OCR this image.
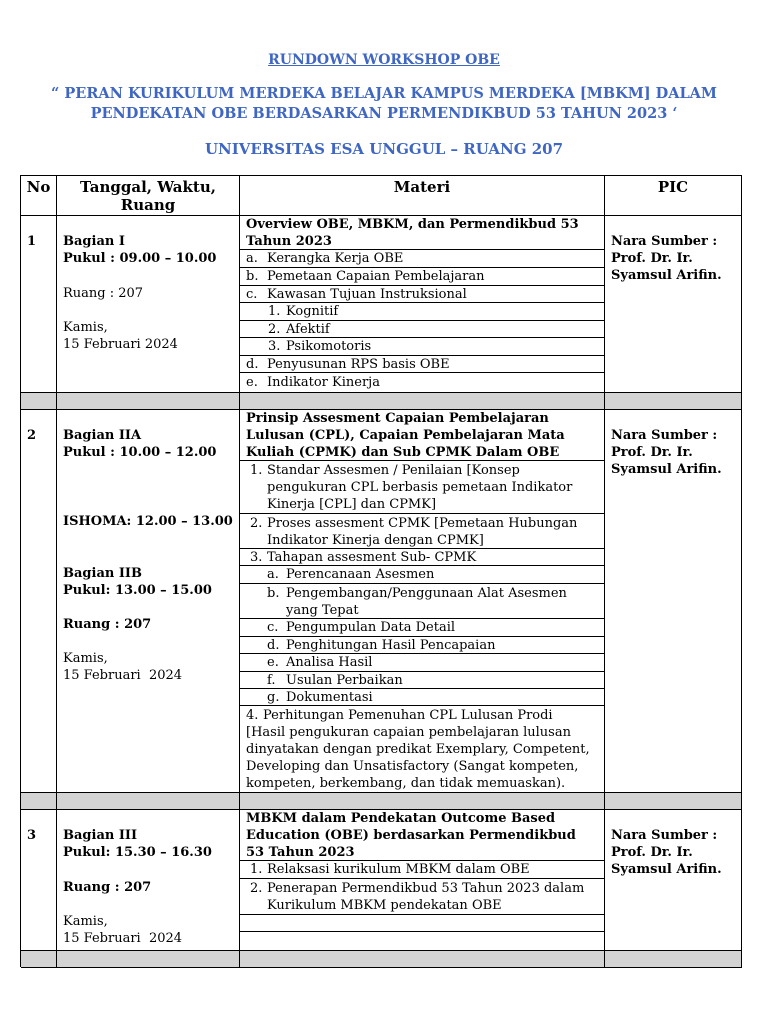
RUNDOWN WORKSHOP OBE
“ PERAN KURIKULUM MERDEKA BELAJAR KAMPUS MERDEKA [MBKM] DALAM PENDEKATAN OBE BERDASARKAN PERMENDIKBUD 53 TAHUN 2023 ‘
UNIVERSITAS ESA UNGGUL – RUANG 207
No	Tanggal, Waktu, Ruang
Materi	PIC
1 Bagian I
Pukul : 09.00 – 10.00
Ruang : 207
Kamis,
15 Februari 2024
Overview OBE, MBKM, dan Permendikbud 53 Tahun 2023
a. Kerangka Kerja OBE
b. Pemetaan Capaian Pembelajaran
c. Kawasan Tujuan Instruksional
1. Kognitif
2. Afektif
3. Psikomotoris
d. Penyusunan RPS basis OBE
e. Indikator Kinerja
Nara Sumber :
Prof. Dr. Ir.
Syamsul Arifin.
2 Bagian IIA
Pukul : 10.00 – 12.00
ISHOMA: 12.00 – 13.00
Bagian IIB
Pukul: 13.00 – 15.00
Ruang : 207
Kamis,
15 Februari  2024
Prinsip Assesment Capaian Pembelajaran Lulusan (CPL), Capaian Pembelajaran Mata Kuliah (CPMK) dan Sub CPMK Dalam OBE
1. Standar Assesmen / Penilaian [Konsep pengukuran CPL berbasis pemetaan Indikator Kinerja [CPL] dan CPMK]
2. Proses assesment CPMK [Pemetaan Hubungan Indikator Kinerja dengan CPMK]
3. Tahapan assesment Sub- CPMK
a. Perencanaan Asesmen
b. Pengembangan/Penggunaan Alat Asesmen yang Tepat
c. Pengumpulan Data Detail
d. Penghitungan Hasil Pencapaian
e. Analisa Hasil
f. Usulan Perbaikan
g. Dokumentasi
4. Perhitungan Pemenuhan CPL Lulusan Prodi
[Hasil pengukuran capaian pembelajaran lulusan dinyatakan dengan predikat Exemplary, Competent, Developing dan Unsatisfactory (Sangat kompeten, kompeten, berkembang, dan tidak memuaskan).
Nara Sumber :
Prof. Dr. Ir.
Syamsul Arifin.
3 Bagian III
Pukul: 15.30 – 16.30
Ruang : 207
Kamis,
15 Februari  2024
MBKM dalam Pendekatan Outcome Based Education (OBE) berdasarkan Permendikbud 53 Tahun 2023
1. Relaksasi kurikulum MBKM dalam OBE
2. Penerapan Permendikbud 53 Tahun 2023 dalam Kurikulum MBKM pendekatan OBE
Nara Sumber :
Prof. Dr. Ir.
Syamsul Arifin.
